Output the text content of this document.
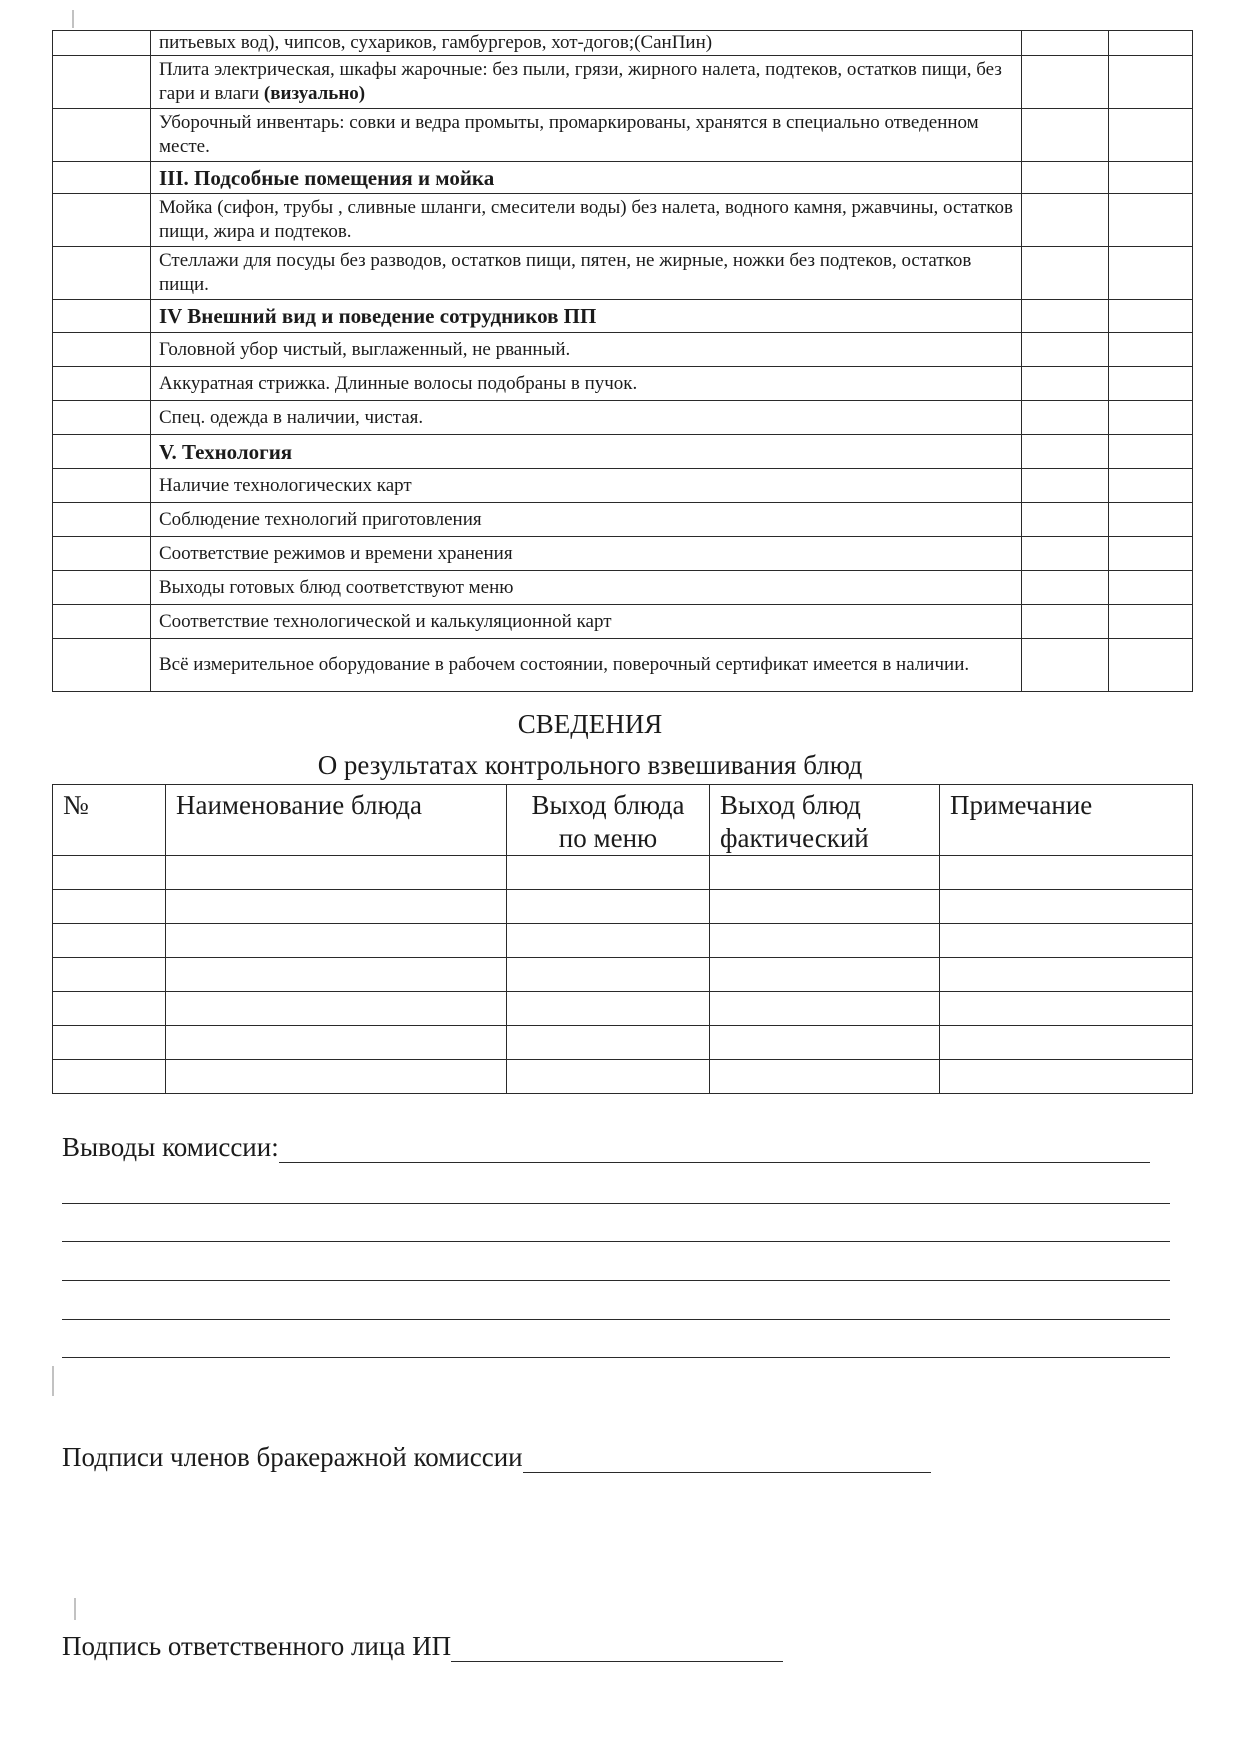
	питьевых вод), чипсов, сухариков, гамбургеров, хот-догов;(СанПин)		
	Плита электрическая, шкафы жарочные: без пыли, грязи, жирного налета, подтеков, остатков пищи, без гари и влаги (визуально)		
	Уборочный инвентарь: совки и ведра промыты, промаркированы, хранятся в специально отведенном месте.		
	III. Подсобные помещения и мойка		
	Мойка (сифон, трубы , сливные шланги, смесители воды) без налета, водного камня, ржавчины, остатков пищи, жира и подтеков.		
	Стеллажи для посуды без разводов, остатков пищи, пятен, не жирные, ножки без подтеков, остатков пищи.		
	IV Внешний вид и поведение сотрудников ПП		
	Головной убор чистый, выглаженный, не рванный.		
	Аккуратная стрижка. Длинные волосы подобраны в пучок.		
	Спец. одежда в наличии, чистая.		
	V. Технология		
	Наличие технологических карт		
	Соблюдение технологий приготовления		
	Соответствие режимов и времени хранения		
	Выходы готовых блюд соответствуют меню		
	Соответствие технологической и калькуляционной карт		
	Всё измерительное оборудование в рабочем состоянии, поверочный сертификат имеется в наличии.		
СВЕДЕНИЯ
О результатах контрольного взвешивания блюд
№	Наименование блюда	Выход блюда по меню	Выход блюд фактический	Примечание

Выводы комиссии:
Подписи членов бракеражной комиссии
Подпись ответственного лица ИП
